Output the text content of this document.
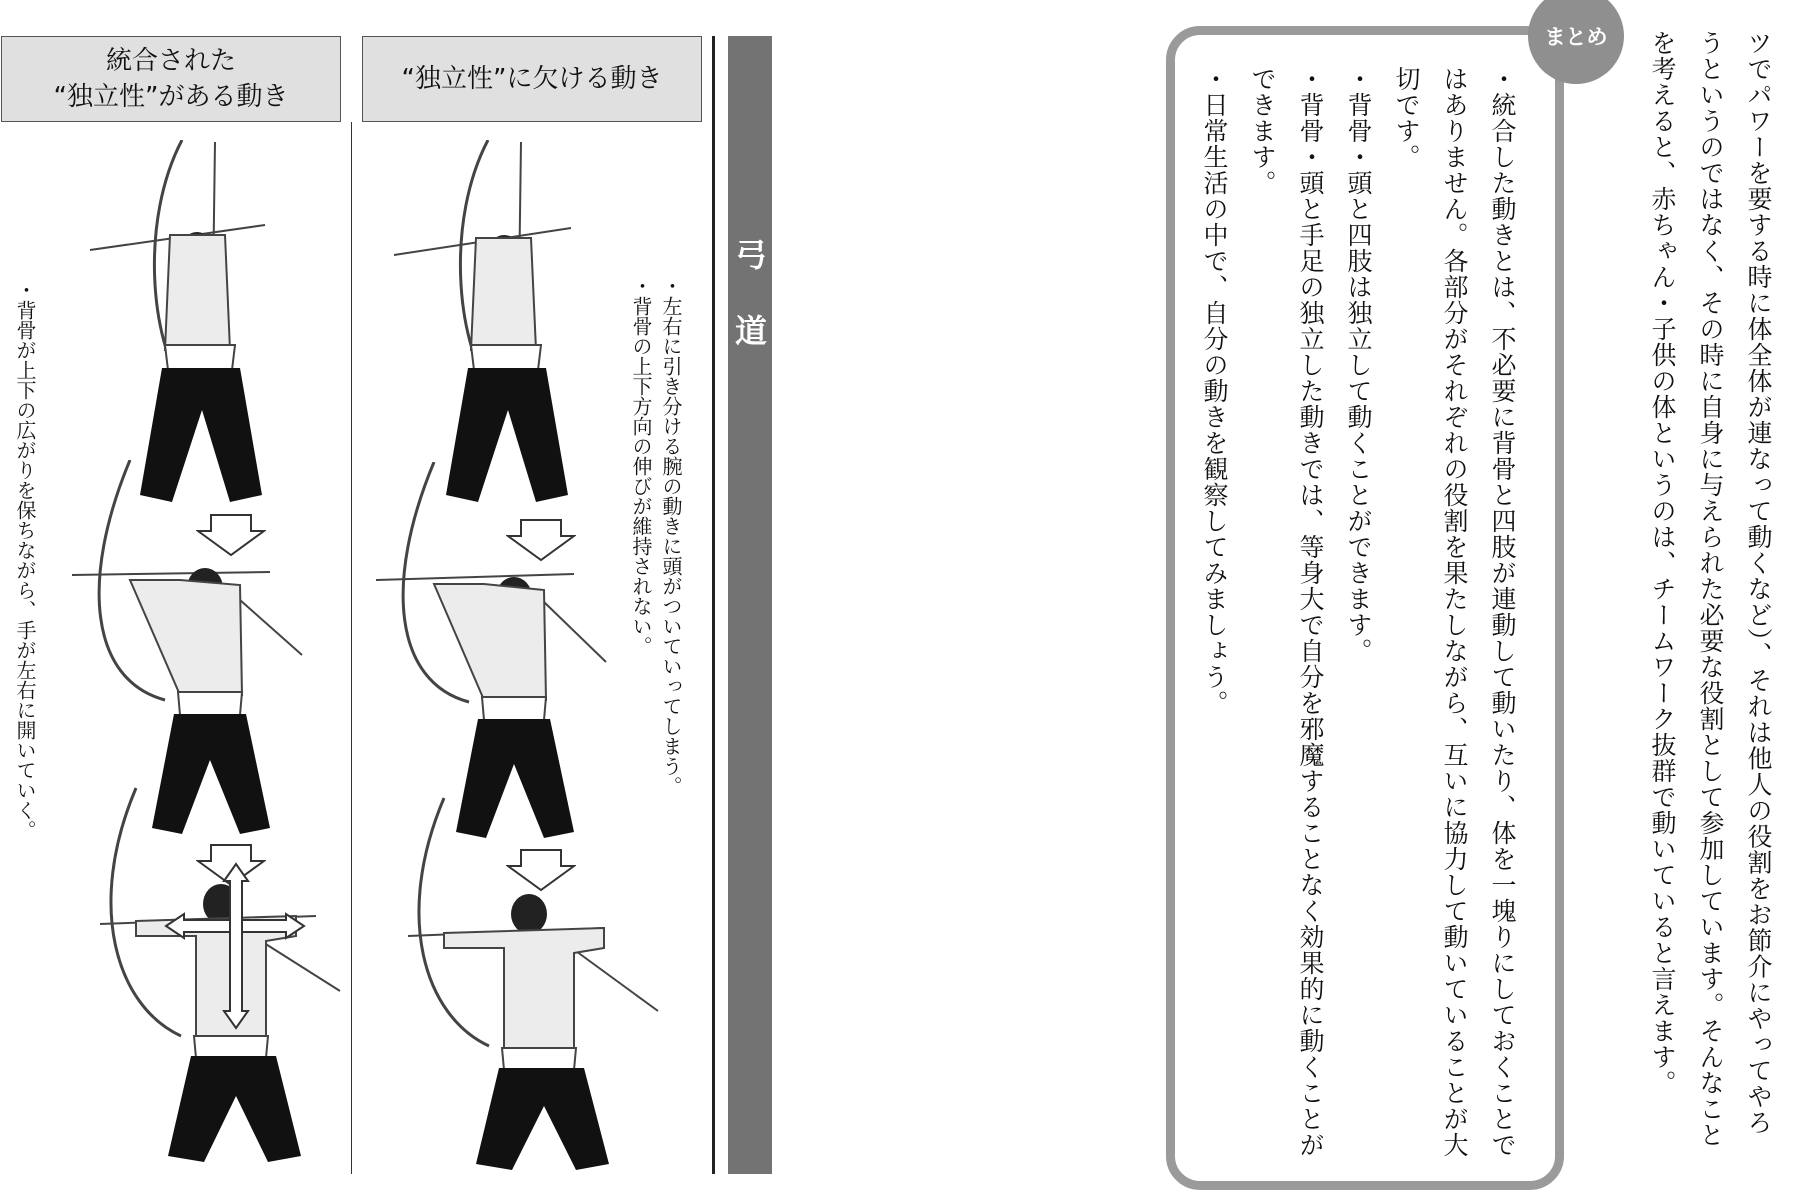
統合された
“独立性”がある動き
“独立性”に欠ける動き
弓道
・背骨が上下の広がりを保ちながら、手が左右に開いていく。	・左右に引き分ける腕の動きに頭がついていってしまう。
・背骨の上下方向の伸びが維持されない。	ツでパワーを要する時に体全体が連なって動くなど）、それは他人の役割をお節介にやってやろ
うというのではなく、その時に自身に与えられた必要な役割として参加しています。そんなこと
を考えると、赤ちゃん・子供の体というのは、チームワーク抜群で動いていると言えます。
まとめ
・統合した動きとは、不必要に背骨と四肢が連動して動いたり、体を一塊りにしておくことではありません。各部分がそれぞれの役割を果たしながら、互いに協力して動いていることが大切です。
・背骨・頭と四肢は独立して動くことができます。
・背骨・頭と手足の独立した動きでは、等身大で自分を邪魔することなく効果的に動くことができます。
・日常生活の中で、自分の動きを観察してみましょう。
